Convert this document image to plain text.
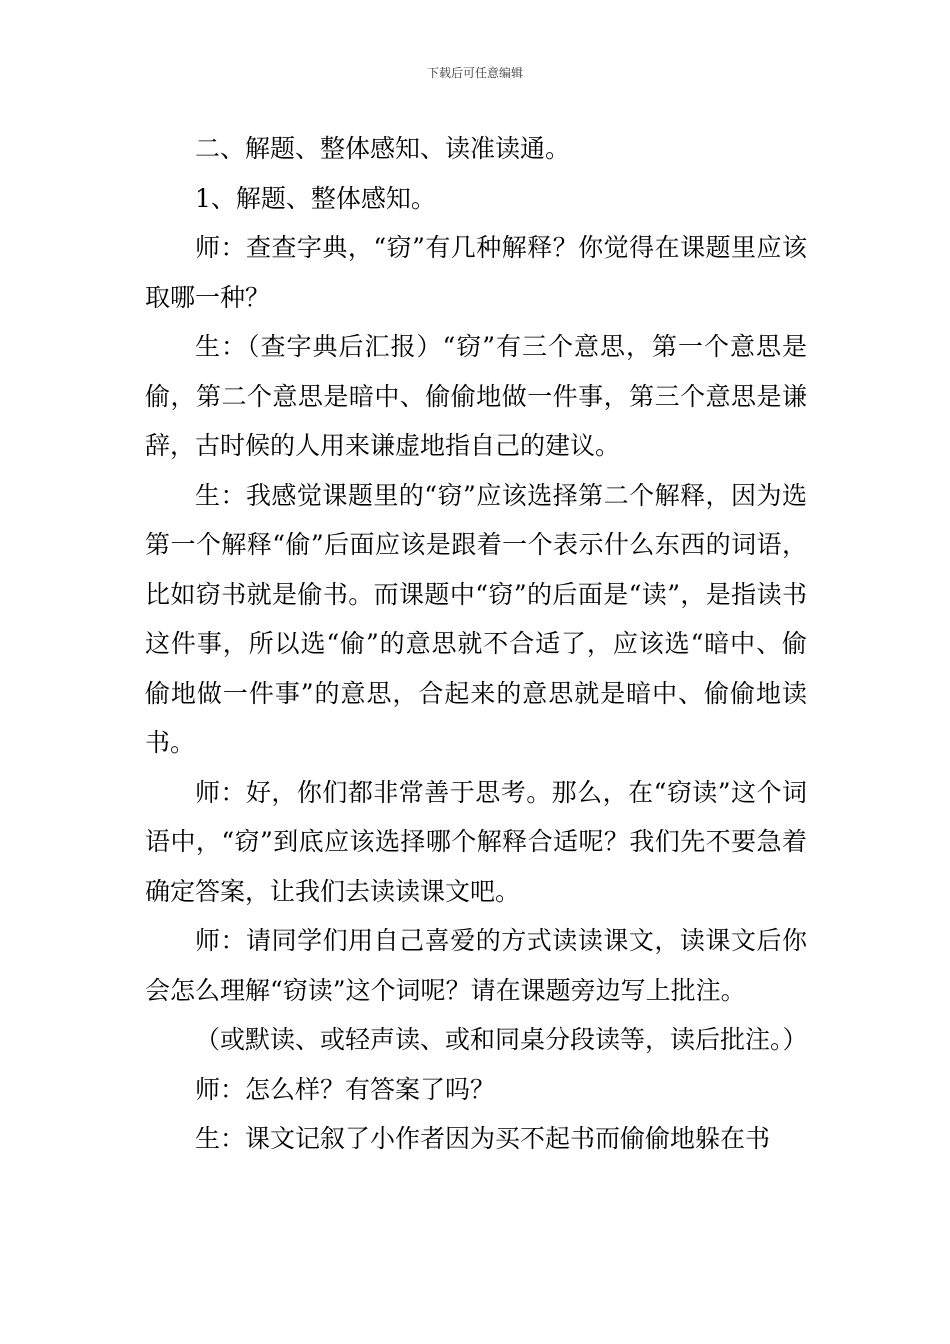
下载后可任意编辑

二、解题、整体感知、读准读通。

1、解题、整体感知。

师：查查字典，“窃”有几种解释？你觉得在课题里应该取哪一种？

生：（查字典后汇报）“窃”有三个意思，第一个意思是偷，第二个意思是暗中、偷偷地做一件事，第三个意思是谦辞，古时候的人用来谦虚地指自己的建议。

生：我感觉课题里的“窃”应该选择第二个解释，因为选第一个解释“偷”后面应该是跟着一个表示什么东西的词语，比如窃书就是偷书。而课题中“窃”的后面是“读”，是指读书这件事，所以选“偷”的意思就不合适了，应该选“暗中、偷偷地做一件事”的意思，合起来的意思就是暗中、偷偷地读书。

师：好，你们都非常善于思考。那么，在“窃读”这个词语中，“窃”到底应该选择哪个解释合适呢？我们先不要急着确定答案，让我们去读读课文吧。

师：请同学们用自己喜爱的方式读读课文，读课文后你会怎么理解“窃读”这个词呢？请在课题旁边写上批注。

（或默读、或轻声读、或和同桌分段读等，读后批注。）

师：怎么样？有答案了吗？

生：课文记叙了小作者因为买不起书而偷偷地躲在书
